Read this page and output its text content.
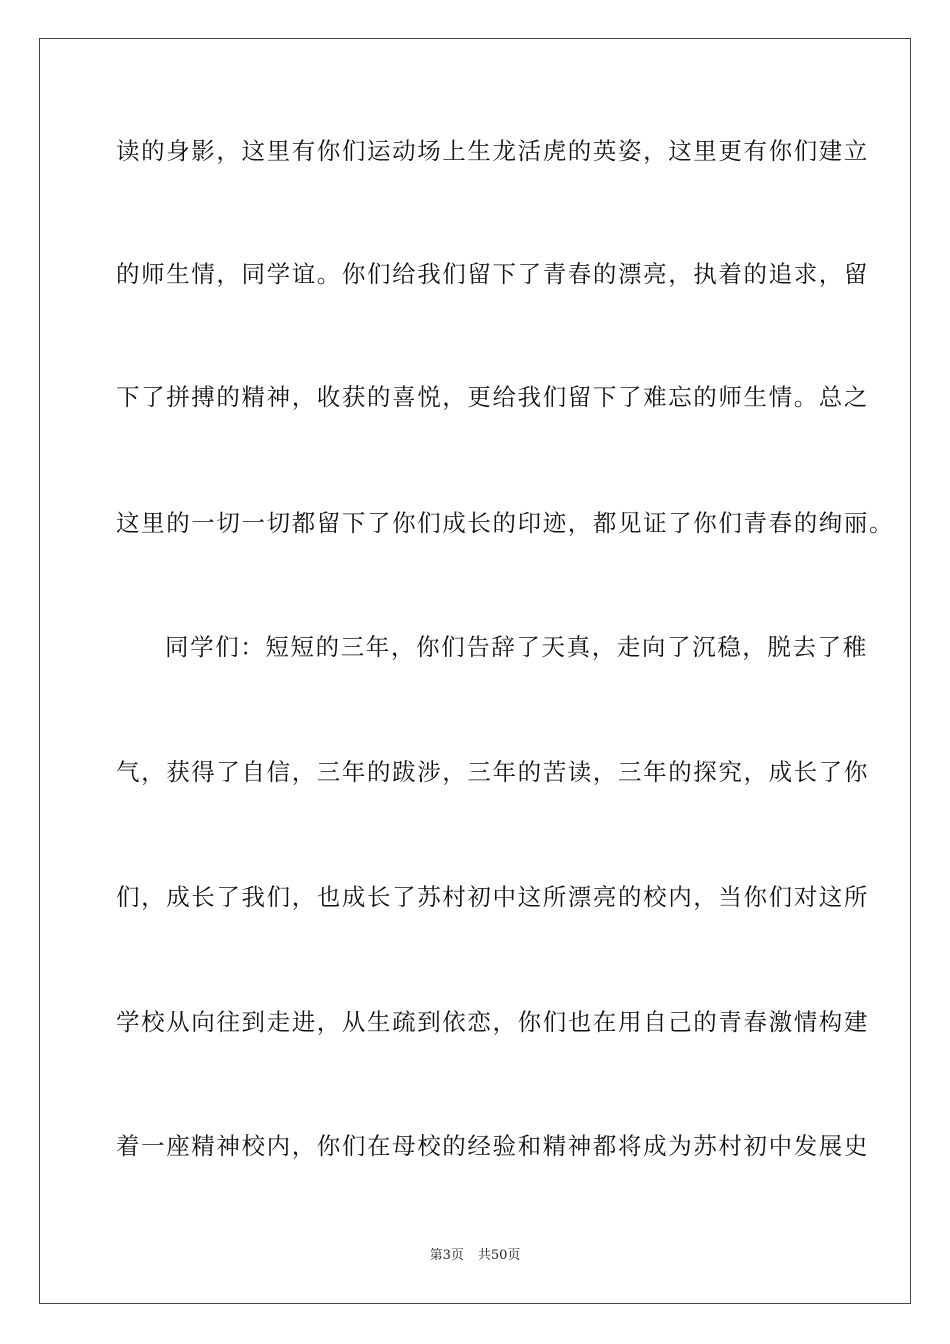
读的身影，这里有你们运动场上生龙活虎的英姿，这里更有你们建立
的师生情，同学谊。你们给我们留下了青春的漂亮，执着的追求，留
下了拼搏的精神，收获的喜悦，更给我们留下了难忘的师生情。总之
这里的一切一切都留下了你们成长的印迹，都见证了你们青春的绚丽。
同学们：短短的三年，你们告辞了天真，走向了沉稳，脱去了稚
气，获得了自信，三年的跋涉，三年的苦读，三年的探究，成长了你
们，成长了我们，也成长了苏村初中这所漂亮的校内，当你们对这所
学校从向往到走进，从生疏到依恋，你们也在用自己的青春激情构建
着一座精神校内，你们在母校的经验和精神都将成为苏村初中发展史
第3页 共50页
